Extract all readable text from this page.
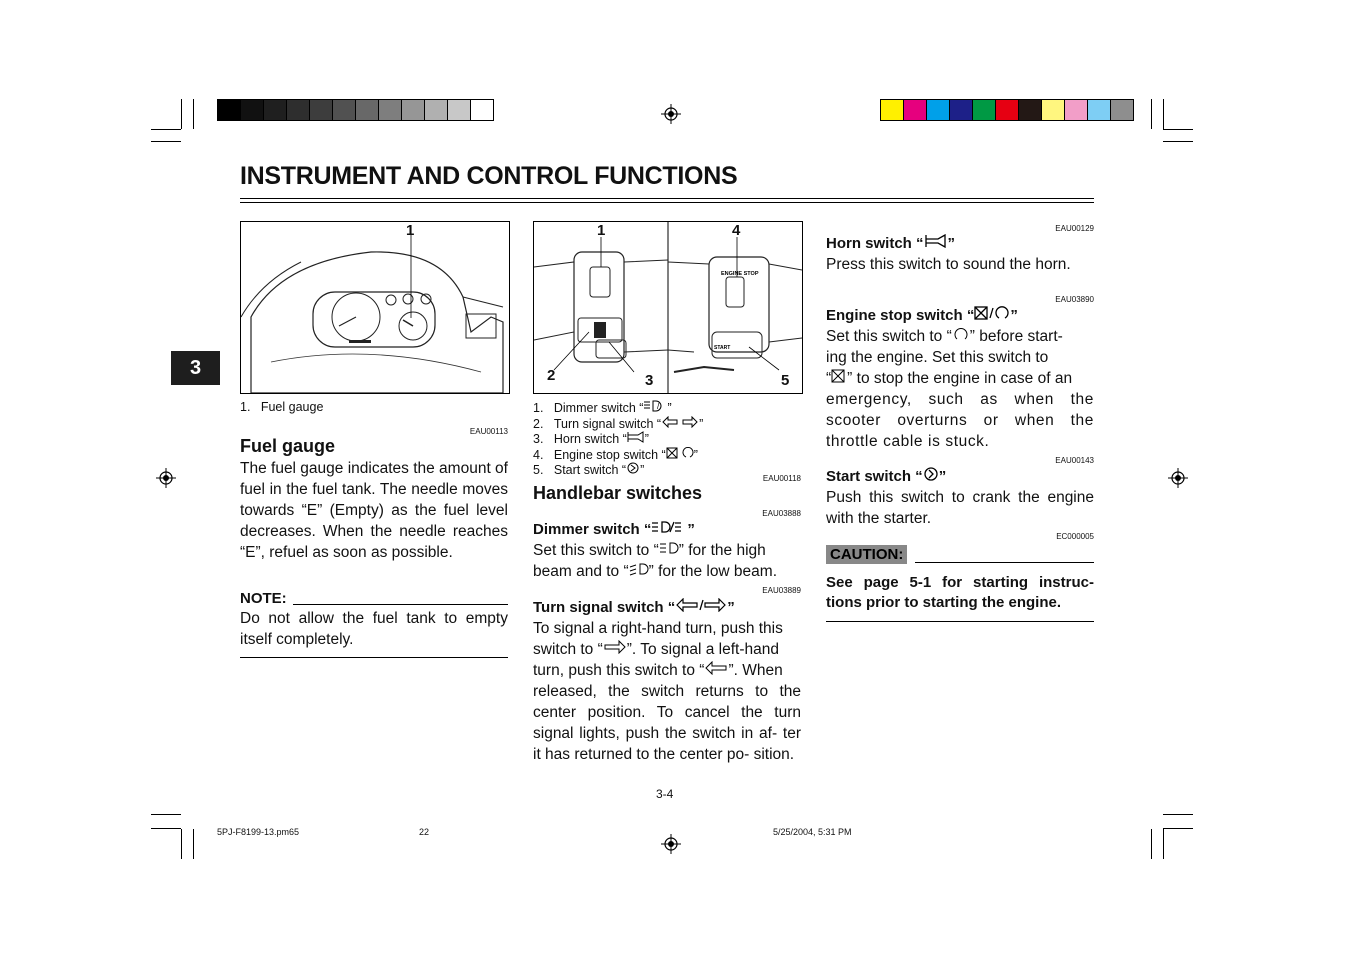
INSTRUMENT AND CONTROL FUNCTIONS
3
1
1.   Fuel gauge
EAU00113
Fuel gauge
The fuel gauge indicates the amount of fuel in the fuel tank. The needle moves towards “E” (Empty) as the fuel level decreases. When the needle reaches “E”, refuel as soon as possible.
NOTE:
Do not allow the fuel tank to empty itself completely.
ENGINE STOP
START
1
2	3
4
5
1. Dimmer switch “ / ”
2. Turn signal switch “	”
3. Horn switch “ ”
4. Engine stop switch “ ”
5. Start switch “ ”
EAU00118
Handlebar switches
EAU03888
Dimmer switch “ ”
Set this switch to “ ” for the high
beam and to “ ” for the low beam.
EAU03889
Turn signal switch “	”
To signal a right-hand turn, push this
switch to “ ”. To signal a left-hand
turn, push this switch to “ ”. When
released, the switch returns to the center position. To cancel the turn signal lights, push the switch in af- ter it has returned to the center po- sition.
3-4
EAU00129
Horn switch “ ”
Press this switch to sound the horn.
EAU03890
Engine stop switch “ ”
Set this switch to “ ” before start-
ing the engine. Set this switch to
“ ” to stop the engine in case of an
emergency, such as when the scooter overturns or when the throttle cable is stuck.
EAU00143
Start switch “ ”
Push this switch to crank the engine with the starter.
EC000005
CAUTION:
See page 5-1 for starting instruc- tions prior to starting the engine.
5PJ-F8199-13.pm65	22	5/25/2004, 5:31 PM
